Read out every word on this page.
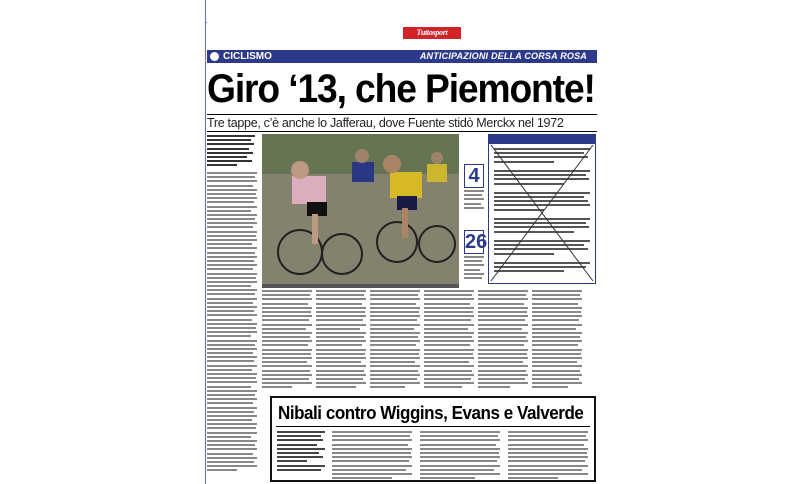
Tuttosport
CICLISMO	ANTICIPAZIONI DELLA CORSA ROSA
Giro ‘13, che Piemonte!
Tre tappe, c’è anche lo Jafferau, dove Fuente stidò Merckx nel 1972
4
26
Nibali contro Wiggins, Evans e Valverde
